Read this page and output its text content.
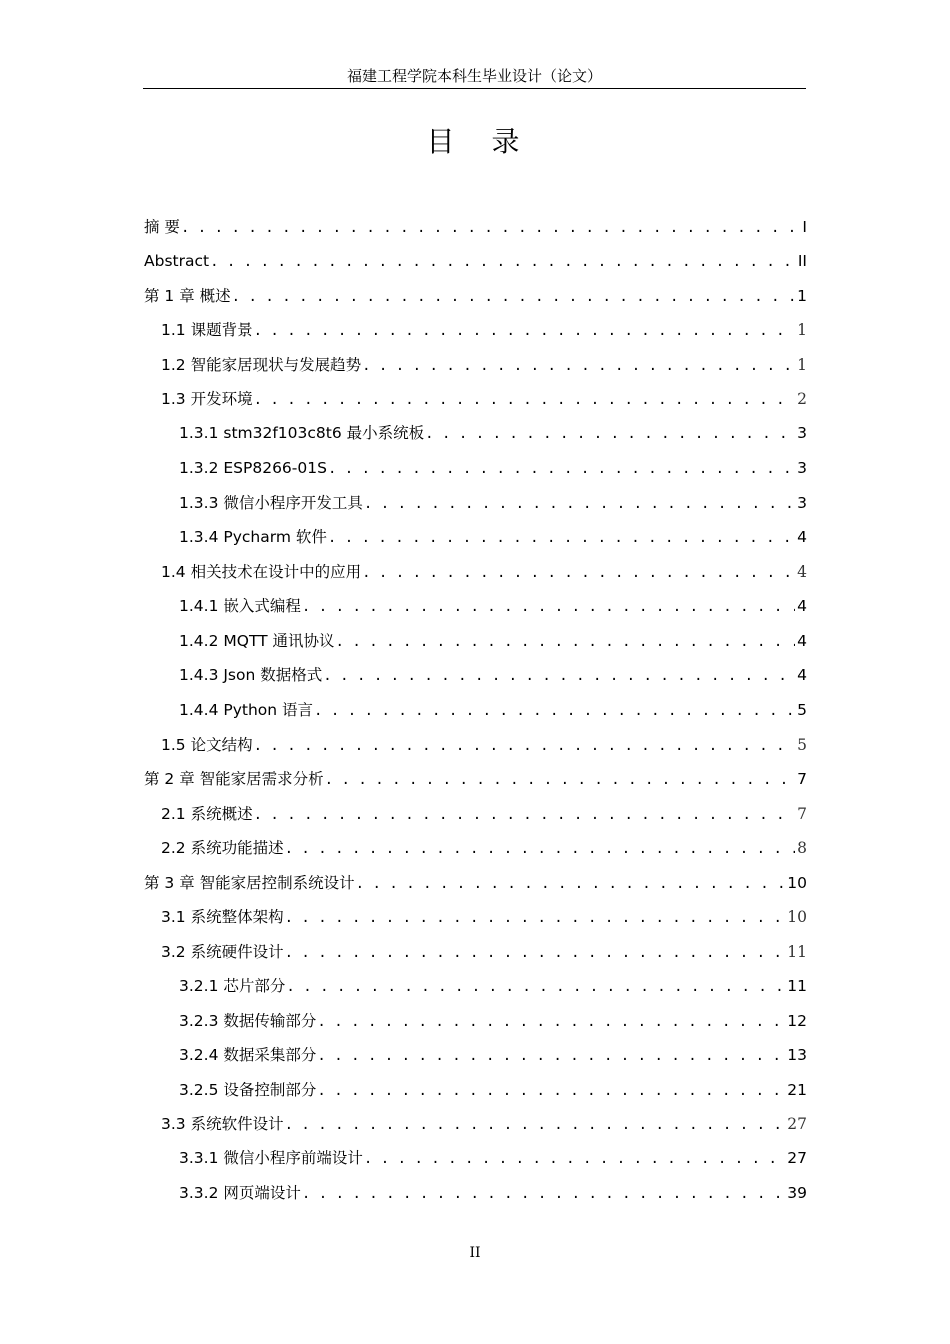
福建工程学院本科生毕业设计（论文）
目 录
摘 要 . . .	I
Abstract . . .	II
第 1 章 概述 . . .	1
1.1 课题背景 . . .	1
1.2 智能家居现状与发展趋势 . . .	1
1.3 开发环境 . . .	2
1.3.1 stm32f103c8t6 最小系统板 . . .	3
1.3.2 ESP8266-01S . . .	3
1.3.3 微信小程序开发工具 . . .	3
1.3.4 Pycharm 软件 . . .	4
1.4 相关技术在设计中的应用 . . .	4
1.4.1 嵌入式编程 . . .	4
1.4.2 MQTT 通讯协议 . . .	4
1.4.3 Json 数据格式 . . .	4
1.4.4 Python 语言 . . .	5
1.5 论文结构 . . .	5
第 2 章 智能家居需求分析 . . .	7
2.1 系统概述 . . .	7
2.2 系统功能描述 . . .	8
第 3 章 智能家居控制系统设计 . . .	10
3.1 系统整体架构 . . .	10
3.2 系统硬件设计 . . .	11
3.2.1 芯片部分 . . .	11
3.2.3 数据传输部分 . . .	12
3.2.4 数据采集部分 . . .	13
3.2.5 设备控制部分 . . .	21
3.3 系统软件设计 . . .	27
3.3.1 微信小程序前端设计 . . .	27
3.3.2 网页端设计 . . .	39
II
